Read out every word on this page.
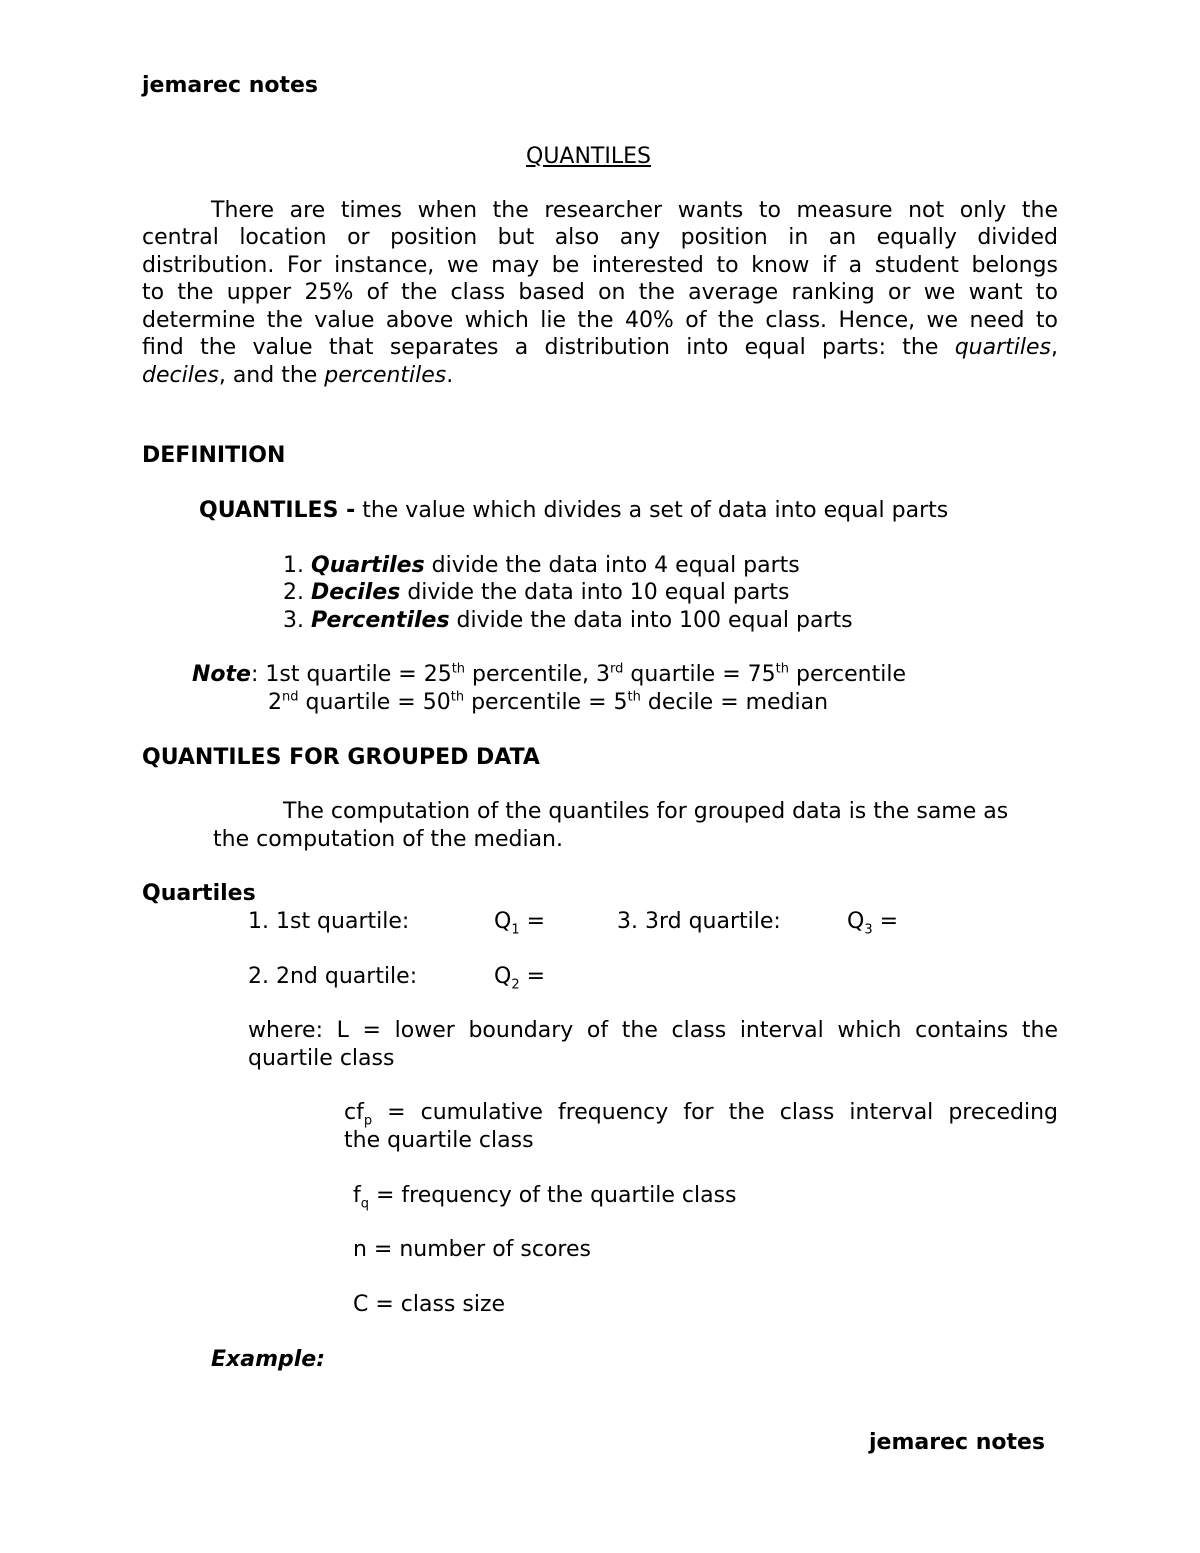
jemarec notes
QUANTILES
There are times when the researcher wants to measure not only the
central location or position but also any position in an equally divided
distribution. For instance, we may be interested to know if a student belongs
to the upper 25% of the class based on the average ranking or we want to
determine the value above which lie the 40% of the class. Hence, we need to
find the value that separates a distribution into equal parts: the quartiles,
deciles, and the percentiles.
DEFINITION
QUANTILES - the value which divides a set of data into equal parts
1. Quartiles divide the data into 4 equal parts
2. Deciles divide the data into 10 equal parts
3. Percentiles divide the data into 100 equal parts
Note: 1st quartile = 25th percentile, 3rd quartile = 75th percentile
2nd quartile = 50th percentile = 5th decile = median
QUANTILES FOR GROUPED DATA
The computation of the quantiles for grouped data is the same as
the computation of the median.
Quartiles
1. 1st quartile:	$Q_1$ =	3. 3rd quartile:	$Q_3$ =
2. 2nd quartile:	$Q_2$ =
where: L = lower boundary of the class interval which contains the
quartile class
$cf_p$ = cumulative frequency for the class interval preceding
the quartile class
$f_q$ = frequency of the quartile class
n = number of scores
C = class size
Example:
jemarec notes
